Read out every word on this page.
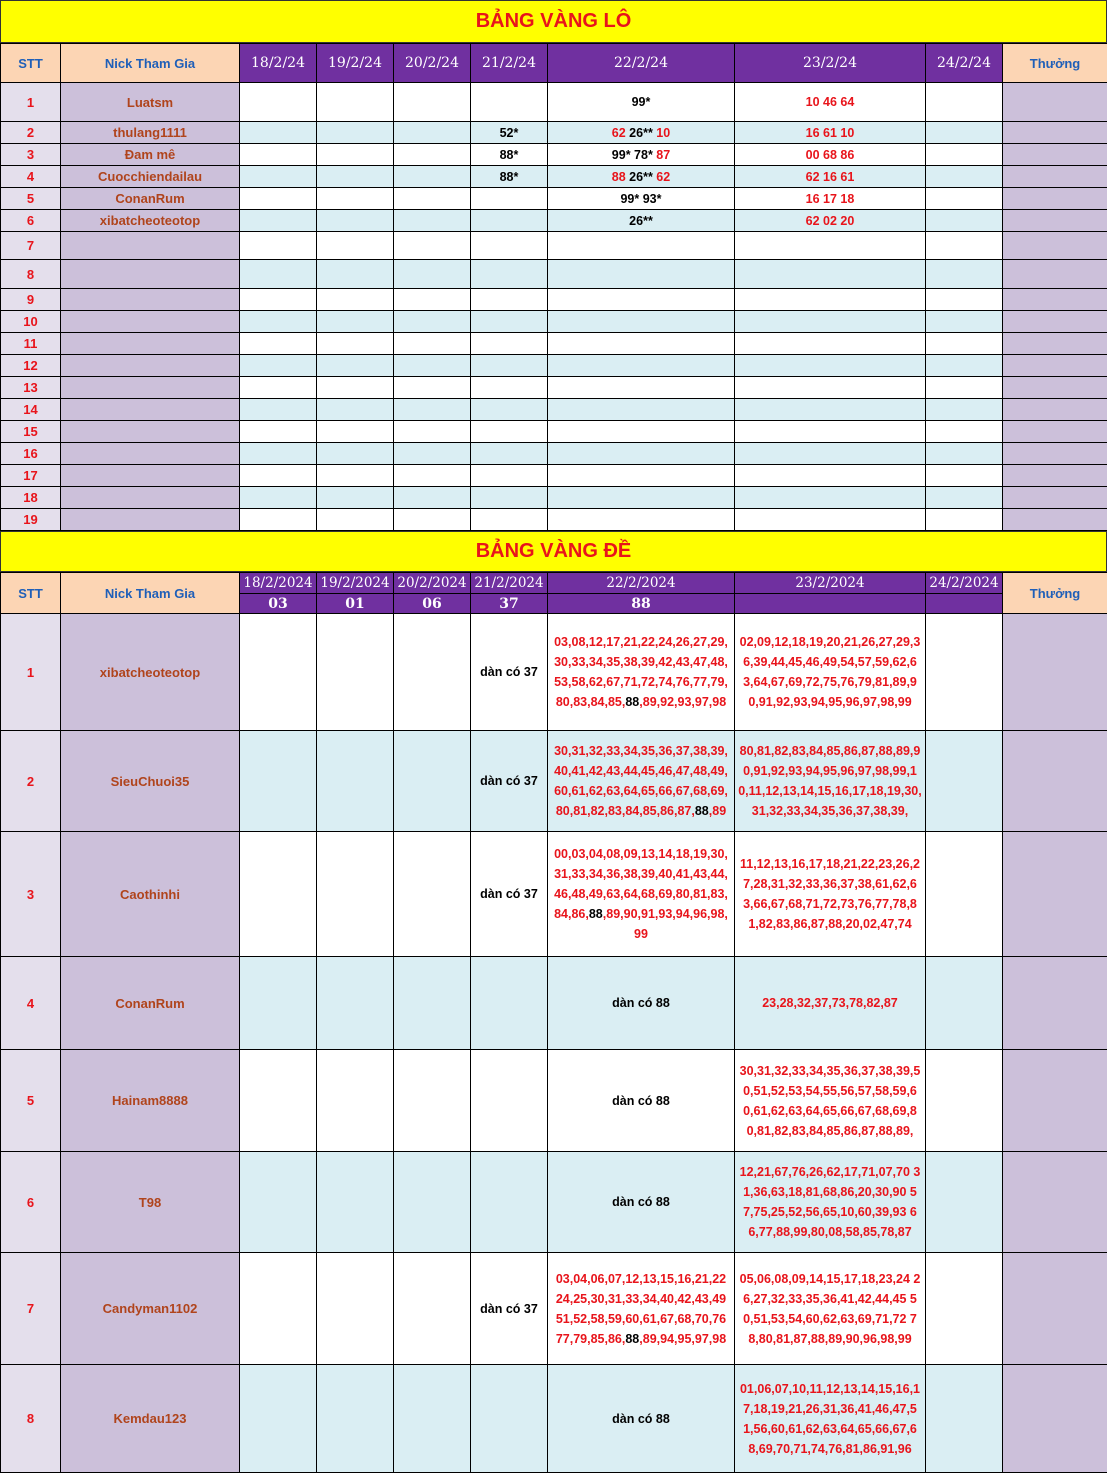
BẢNG VÀNG LÔ
STT	Nick Tham Gia	18/2/24	19/2/24	20/2/24	21/2/24	22/2/24	23/2/24	24/2/24	Thưởng
1	Luatsm					99*	10 46 64		
2	thulang1111				52*	62 26** 10	16 61 10		
3	Đam mê				88*	99* 78* 87	00 68 86		
4	Cuocchiendailau				88*	88 26** 62	62 16 61		
5	ConanRum					99* 93*	16 17 18		
6	xibatcheoteotop					26**	62 02 20		
7									
8									
9									
10									
11									
12									
13									
14									
15									
16									
17									
18									
19									
BẢNG VÀNG ĐỀ
STT	Nick Tham Gia	18/2/2024	19/2/2024	20/2/2024	21/2/2024	22/2/2024	23/2/2024	24/2/2024	Thưởng
		03	01	06	37	88			
1	xibatcheoteotop				dàn có 37	03,08,12,17,21,22,24,26,27,29,30,33,34,35,38,39,42,43,47,48,53,58,62,67,71,72,74,76,77,79,80,83,84,85,88,89,92,93,97,98	02,09,12,18,19,20,21,26,27,29,36,39,44,45,46,49,54,57,59,62,63,64,67,69,72,75,76,79,81,89,90,91,92,93,94,95,96,97,98,99		
2	SieuChuoi35				dàn có 37	30,31,32,33,34,35,36,37,38,39,40,41,42,43,44,45,46,47,48,49,60,61,62,63,64,65,66,67,68,69,80,81,82,83,84,85,86,87,88,89	80,81,82,83,84,85,86,87,88,89,90,91,92,93,94,95,96,97,98,99,10,11,12,13,14,15,16,17,18,19,30,31,32,33,34,35,36,37,38,39,		
3	Caothinhi				dàn có 37	00,03,04,08,09,13,14,18,19,30,31,33,34,36,38,39,40,41,43,44,46,48,49,63,64,68,69,80,81,83,84,86,88,89,90,91,93,94,96,98,99	11,12,13,16,17,18,21,22,23,26,27,28,31,32,33,36,37,38,61,62,63,66,67,68,71,72,73,76,77,78,81,82,83,86,87,88,20,02,47,74		
4	ConanRum					dàn có 88	23,28,32,37,73,78,82,87		
5	Hainam8888					dàn có 88	30,31,32,33,34,35,36,37,38,39,50,51,52,53,54,55,56,57,58,59,60,61,62,63,64,65,66,67,68,69,80,81,82,83,84,85,86,87,88,89,		
6	T98					dàn có 88	12,21,67,76,26,62,17,71,07,70 31,36,63,18,81,68,86,20,30,90 57,75,25,52,56,65,10,60,39,93 66,77,88,99,80,08,58,85,78,87		
7	Candyman1102				dàn có 37	03,04,06,07,12,13,15,16,21,22 24,25,30,31,33,34,40,42,43,49 51,52,58,59,60,61,67,68,70,76 77,79,85,86,88,89,94,95,97,98	05,06,08,09,14,15,17,18,23,24 26,27,32,33,35,36,41,42,44,45 50,51,53,54,60,62,63,69,71,72 78,80,81,87,88,89,90,96,98,99		
8	Kemdau123					dàn có 88	01,06,07,10,11,12,13,14,15,16,17,18,19,21,26,31,36,41,46,47,51,56,60,61,62,63,64,65,66,67,68,69,70,71,74,76,81,86,91,96		
